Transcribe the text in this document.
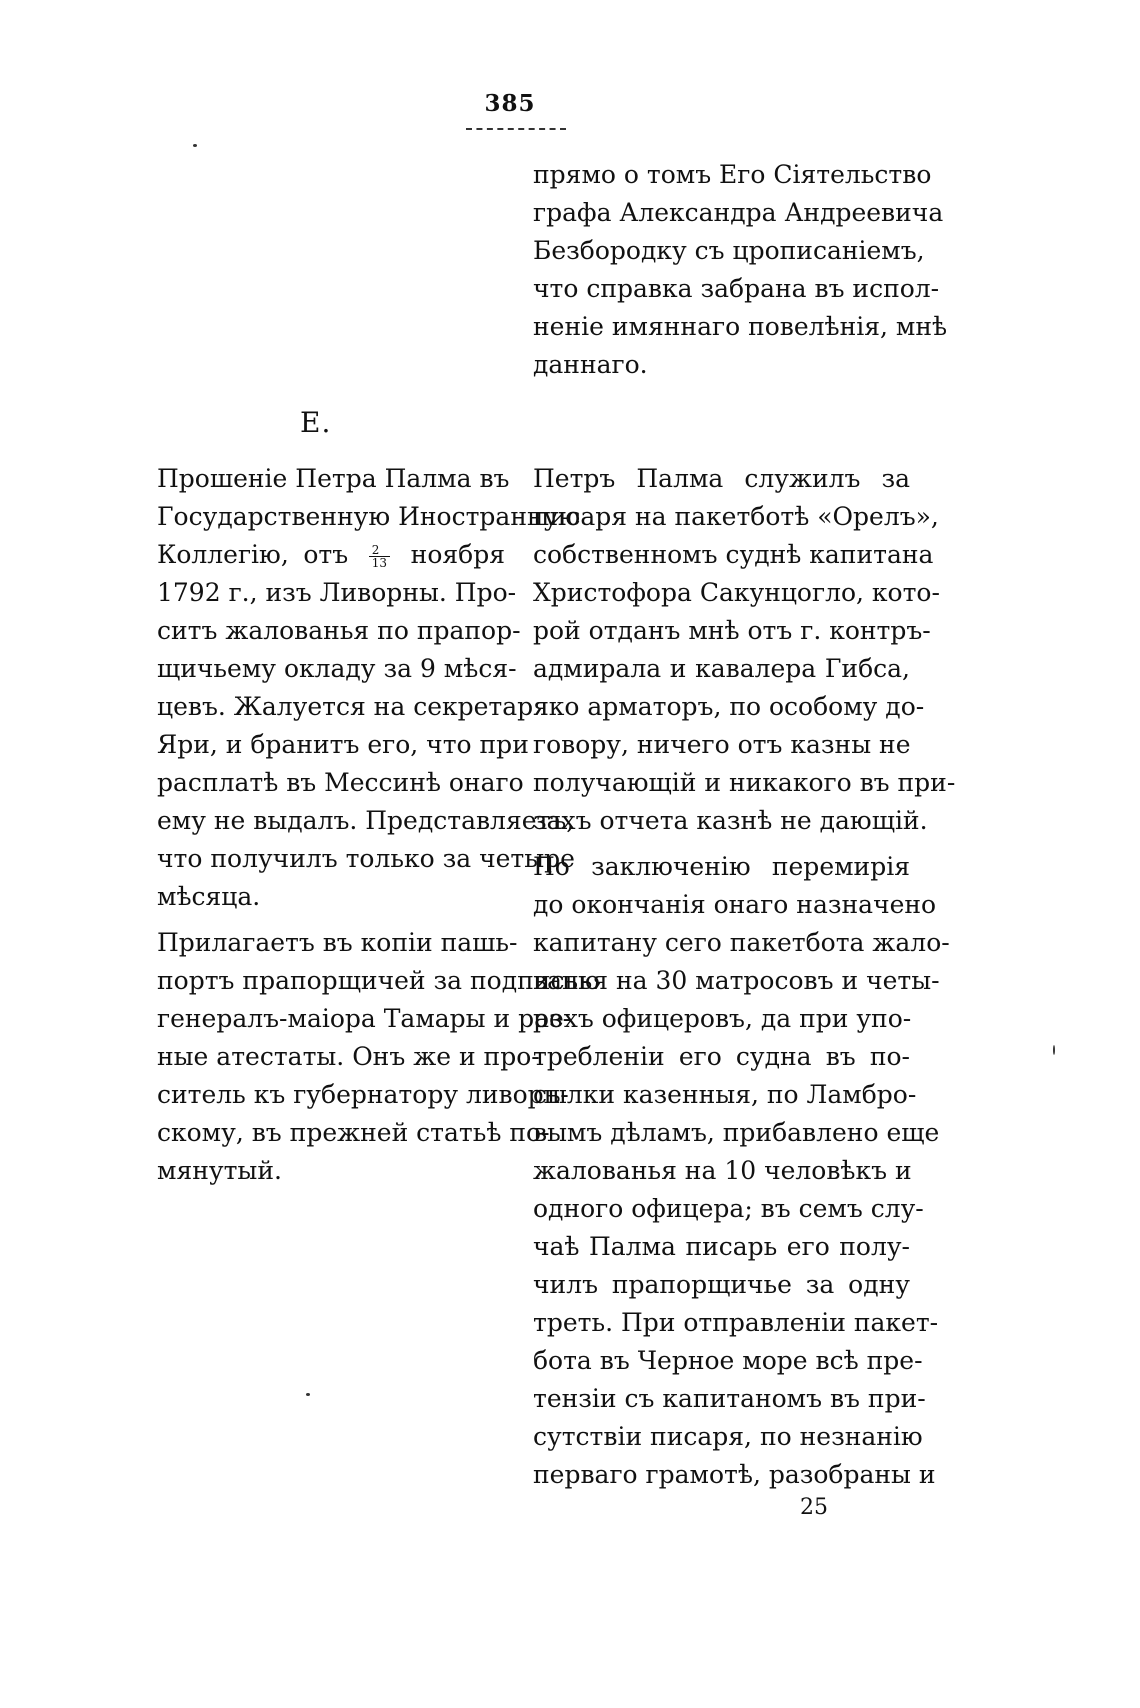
385
прямо о томъ Его Сiятельство
графа Александра Андреевича
Безбородку съ црописанiемъ,
что справка забрана въ испол-
ненiе имяннаго повелѣнiя, мнѣ
даннаго.
E.
Прошенiе Петра Палма въ
Государственную Иностранную
Коллегiю, отъ $\frac{2}{13}$ ноября
1792 г., изъ Ливорны. Про-
ситъ жалованья по прапор-
щичьему окладу за 9 мѣся-
цевъ. Жалуется на секретаря
Яри, и бранитъ его, что при
расплатѣ въ Мессинѣ онаго
ему не выдалъ. Представляетъ,
что получилъ только за четыре
мѣсяца.
Прилагаетъ въ копiи пашь-
портъ прапорщичей за подписью
генералъ-маiора Тамары и раз-
ные атестаты. Онъ же и про-
ситель къ губернатору ливорн-
скому, въ прежней статьѣ по-
мянутый.
Петръ Палма служилъ за
писаря на пакетботѣ «Орелъ»,
собственномъ суднѣ капитана
Христофора Сакунцогло, кото-
рой отданъ мнѣ отъ г. контръ-
адмирала и кавалера Гибса,
яко арматоръ, по особому до-
говору, ничего отъ казны не
получающiй и никакого въ при-
захъ отчета казнѣ не дающiй.
По заключенiю перемирiя
до окончанiя онаго назначено
капитану сего пакетбота жало-
ванья на 30 матросовъ и четы-
рехъ офицеровъ, да при упо-
требленiи его судна въ по-
сылки казенныя, по Ламбро-
вымъ дѣламъ, прибавлено еще
жалованья на 10 человѣкъ и
одного офицера; въ семъ слу-
чаѣ Палма писарь его полу-
чилъ прапорщичье за одну
треть. При отправленiи пакет-
бота въ Черное море всѣ пре-
тензiи съ капитаномъ въ при-
сутствiи писаря, по незнанiю
перваго грамотѣ, разобраны и
25
